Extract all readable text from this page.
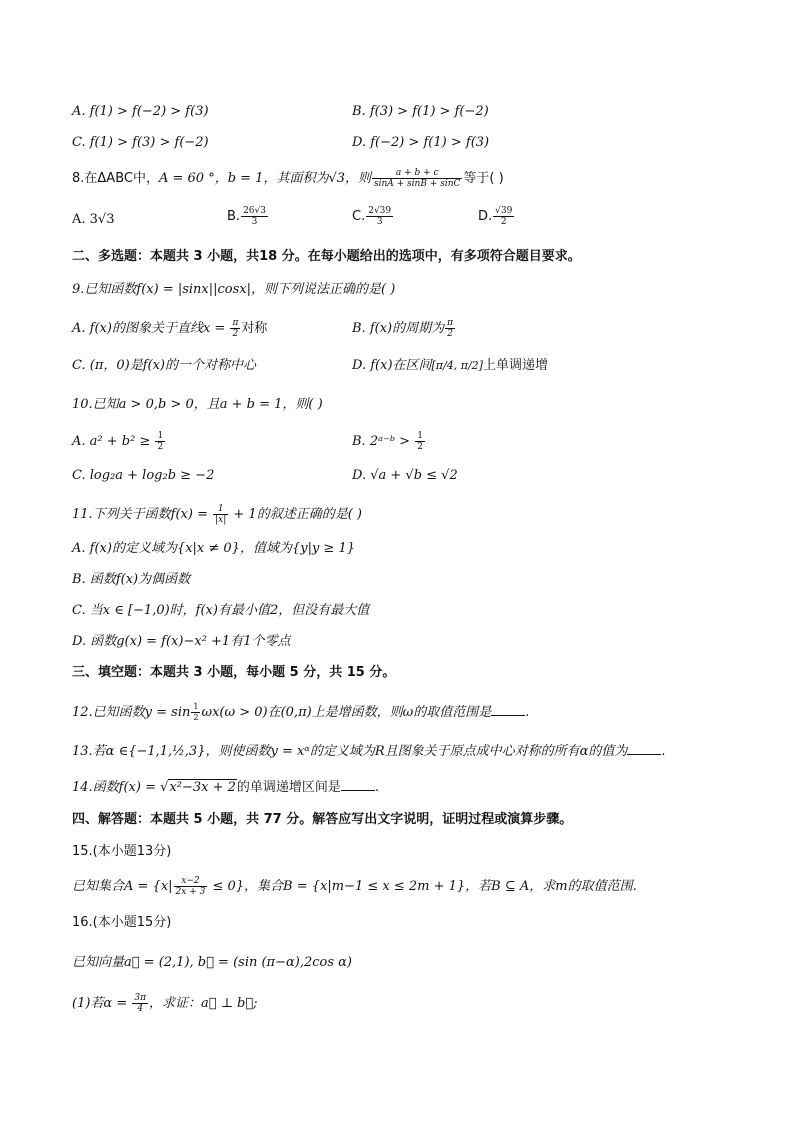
A. f(1) > f(−2) > f(3)	B. f(3) > f(1) > f(−2)
C. f(1) > f(3) > f(−2)	D. f(−2) > f(1) > f(3)
8.在ΔABC中，A = 60 °，b = 1，其面积为√3，则 $\frac{a + b + c}{\sin A + \sin B + \sin C}$ 等于( )
A. 3√3	B. $\frac{26√3}{3}$	C. $\frac{2√39}{3}$	D. $\frac{√39}{2}$
二、多选题：本题共 3 小题，共18 分。在每小题给出的选项中，有多项符合题目要求。
9.已知函数f(x) = |sinx||cosx|，则下列说法正确的是( )
A. f(x)的图象关于直线$x = \frac{\pi}{2}$ 对称	B. f(x)的周期为 $\frac{\pi}{2}$
C. (π，0)是f(x)的一个对称中心	D. f(x)在区间[π/4, π/2]上单调递增
10.已知a > 0,b > 0，且a + b = 1，则( )
A. $a^2 + b^2 \ge \frac{1}{2}$	B. 2ᵃ⁻ᵇ > $\frac{1}{2}$
C. log₂a + log₂b ≥ −2	D. √a + √b ≤ √2
11.下列关于函数$f(x) = \frac{1}{|x|} + 1$的叙述正确的是( )
A. f(x)的定义域为{x|x ≠ 0}，值域为{y|y ≥ 1}
B. 函数f(x)为偶函数
C. 当x ∈ [−1,0)时，f(x)有最小值2，但没有最大值
D. 函数g(x) = f(x)−x² +1有1个零点
三、填空题：本题共 3 小题，每小题 5 分，共 15 分。
12.已知函数$y = \sin \frac{1}{2} \omega x(\omega > 0)$在(0,π)上是增函数，则ω的取值范围是	.
13.若α ∈{−1,1,½,3}，则使函数y = xᵅ的定义域为R且图象关于原点成中心对称的所有α的值为	.
14.函数f(x) = √x²−3x + 2的单调递增区间是	.
四、解答题：本题共 5 小题，共 77 分。解答应写出文字说明，证明过程或演算步骤。
15.(本小题13分)
已知集合$A = \{x| \frac{x-2}{2x + 3} \le 0\}$，集合B = {x|m−1 ≤ x ≤ 2m + 1}，若B ⊆ A，求m的取值范围.
16.(本小题15分)
已知向量a⃗ = (2,1), b⃗ = (sin (π−α),2cos α)
(1)若$\alpha = \frac{3\pi}{4}$ ，求证：a⃗ ⊥ b⃗;
